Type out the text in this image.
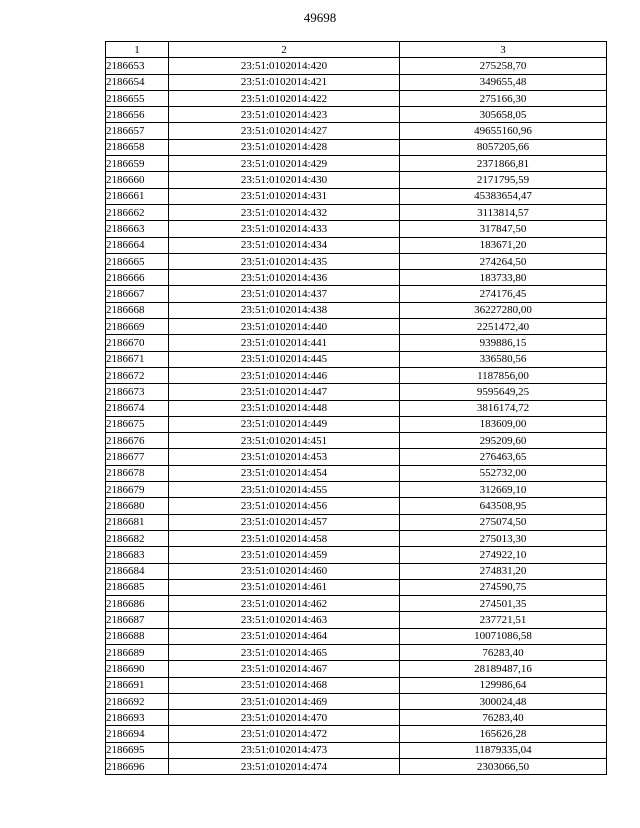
49698
1	2	3
2186653	23:51:0102014:420	275258,70
2186654	23:51:0102014:421	349655,48
2186655	23:51:0102014:422	275166,30
2186656	23:51:0102014:423	305658,05
2186657	23:51:0102014:427	49655160,96
2186658	23:51:0102014:428	8057205,66
2186659	23:51:0102014:429	2371866,81
2186660	23:51:0102014:430	2171795,59
2186661	23:51:0102014:431	45383654,47
2186662	23:51:0102014:432	3113814,57
2186663	23:51:0102014:433	317847,50
2186664	23:51:0102014:434	183671,20
2186665	23:51:0102014:435	274264,50
2186666	23:51:0102014:436	183733,80
2186667	23:51:0102014:437	274176,45
2186668	23:51:0102014:438	36227280,00
2186669	23:51:0102014:440	2251472,40
2186670	23:51:0102014:441	939886,15
2186671	23:51:0102014:445	336580,56
2186672	23:51:0102014:446	1187856,00
2186673	23:51:0102014:447	9595649,25
2186674	23:51:0102014:448	3816174,72
2186675	23:51:0102014:449	183609,00
2186676	23:51:0102014:451	295209,60
2186677	23:51:0102014:453	276463,65
2186678	23:51:0102014:454	552732,00
2186679	23:51:0102014:455	312669,10
2186680	23:51:0102014:456	643508,95
2186681	23:51:0102014:457	275074,50
2186682	23:51:0102014:458	275013,30
2186683	23:51:0102014:459	274922,10
2186684	23:51:0102014:460	274831,20
2186685	23:51:0102014:461	274590,75
2186686	23:51:0102014:462	274501,35
2186687	23:51:0102014:463	237721,51
2186688	23:51:0102014:464	10071086,58
2186689	23:51:0102014:465	76283,40
2186690	23:51:0102014:467	28189487,16
2186691	23:51:0102014:468	129986,64
2186692	23:51:0102014:469	300024,48
2186693	23:51:0102014:470	76283,40
2186694	23:51:0102014:472	165626,28
2186695	23:51:0102014:473	11879335,04
2186696	23:51:0102014:474	2303066,50
